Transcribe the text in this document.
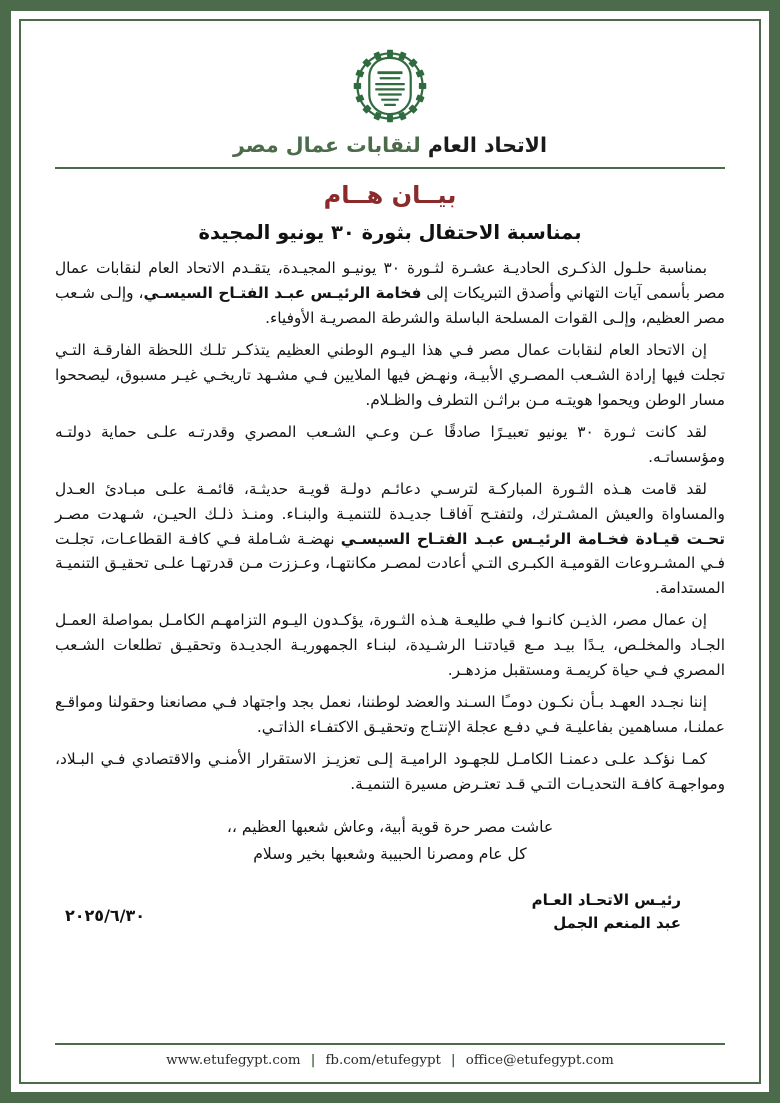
الاتحاد العام لنقابات عمال مصر
بيــان هــام
بمناسبة الاحتفال بثورة ٣٠ يونيو المجيدة

بمناسبة حلـول الذكـرى الحاديـة عشـرة لثـورة ٣٠ يونيـو المجيـدة، يتقـدم الاتحاد العام لنقابات عمال مصر بأسمى آيات التهاني وأصدق التبريكات إلى فخامة الرئيـس عبـد الفتـاح السيسـي، وإلـى شـعب مصر العظيم، وإلـى القوات المسلحة الباسلة والشرطة المصريـة الأوفياء.

إن الاتحاد العام لنقابات عمال مصر فـي هذا اليـوم الوطني العظيم يتذكـر تلـك اللحظة الفارقـة التـي تجلت فيها إرادة الشـعب المصـري الأبيـة، ونهـض فيها الملايين فـي مشـهد تاريخـي غيـر مسبوق، ليصححوا مسار الوطن ويحموا هويتـه مـن براثـن التطرف والظـلام.

لقد كانت ثـورة ٣٠ يونيو تعبيـرًا صادقًا عـن وعـي الشـعب المصري وقدرتـه علـى حماية دولتـه ومؤسساتـه.

لقد قامت هـذه الثـورة المباركـة لترسـي دعائـم دولـة قويـة حديثـة، قائمـة علـى مبـادئ العـدل والمساواة والعيش المشـترك، ولتفتـح آفاقـا جديـدة للتنميـة والبنـاء. ومنـذ ذلـك الحيـن، شـهدت مصـر تحـت قيـادة فخـامة الرئيـس عبـد الفتـاح السيسـي نهضـة شـاملة فـي كافـة القطاعـات، تجلـت فـي المشـروعات القوميـة الكبـرى التـي أعادت لمصـر مكانتهـا، وعـززت مـن قدرتهـا علـى تحقيـق التنميـة المستدامة.

إن عمال مصر، الذيـن كانـوا فـي طليعـة هـذه الثـورة، يؤكـدون اليـوم التزامهـم الكامـل بمواصلة العمـل الجـاد والمخلـص، يـدًا بيـد مـع قيادتنـا الرشـيدة، لبنـاء الجمهوريـة الجديـدة وتحقيـق تطلعات الشـعب المصري فـي حياة كريمـة ومستقبل مزدهـر.

إننا نجـدد العهـد بـأن نكـون دومـًا السـند والعضد لوطننا، نعمل بجد واجتهاد فـي مصانعنا وحقولنا ومواقـع عملنـا، مساهمين بفاعليـة فـي دفـع عجلة الإنتـاج وتحقيـق الاكتفـاء الذاتـي.

كمـا نؤكـد علـى دعمنـا الكامـل للجهـود الراميـة إلـى تعزيـز الاستقرار الأمنـي والاقتصادي فـي البـلاد، ومواجهـة كافـة التحديـات التـي قـد تعتـرض مسيرة التنميـة.

عاشت مصر حرة قوية أبية، وعاش شعبها العظيم ،،

كل عام ومصرنا الحبيبة وشعبها بخير وسلام

رئيـس الاتحـاد العـام
عبد المنعم الجمل
٢٠٢٥/٦/٣٠
www.etufegypt.com | fb.com/etufegypt | office@etufegypt.com
